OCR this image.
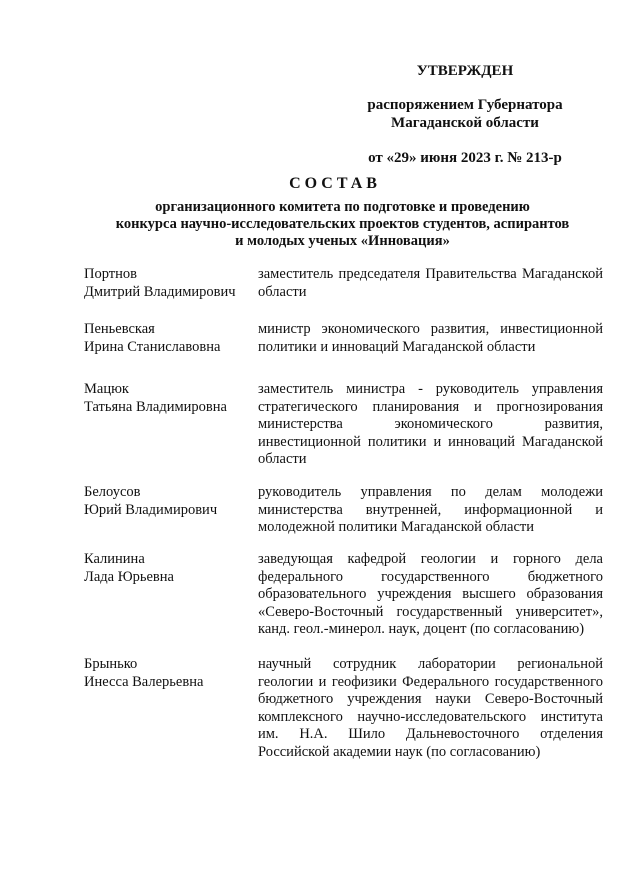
УТВЕРЖДЕН
распоряжением Губернатора
Магаданской области
от «29» июня 2023 г. № 213-р
СОСТАВ
организационного комитета по подготовке и проведению
конкурса научно-исследовательских проектов студентов, аспирантов
и молодых ученых «Инновация»
Портнов
Дмитрий Владимирович
заместитель председателя Правительства Магаданской области
Пеньевская
Ирина Станиславовна
министр экономического развития, инвестиционной политики и инноваций Магаданской области
Мацюк
Татьяна Владимировна
заместитель министра - руководитель управления стратегического планирования и прогнозирования министерства экономического развития, инвестиционной политики и инноваций Магаданской области
Белоусов
Юрий Владимирович
руководитель управления по делам молодежи министерства внутренней, информационной и молодежной политики Магаданской области
Калинина
Лада Юрьевна
заведующая кафедрой геологии и горного дела федерального государственного бюджетного образовательного учреждения высшего образования «Северо-Восточный государственный университет», канд. геол.-минерол. наук, доцент (по согласованию)
Брынько
Инесса Валерьевна
научный сотрудник лаборатории региональной геологии и геофизики Федерального государственного бюджетного учреждения науки Северо-Восточный комплексного научно-исследовательского института им. Н.А. Шило Дальневосточного отделения Российской академии наук (по согласованию)
